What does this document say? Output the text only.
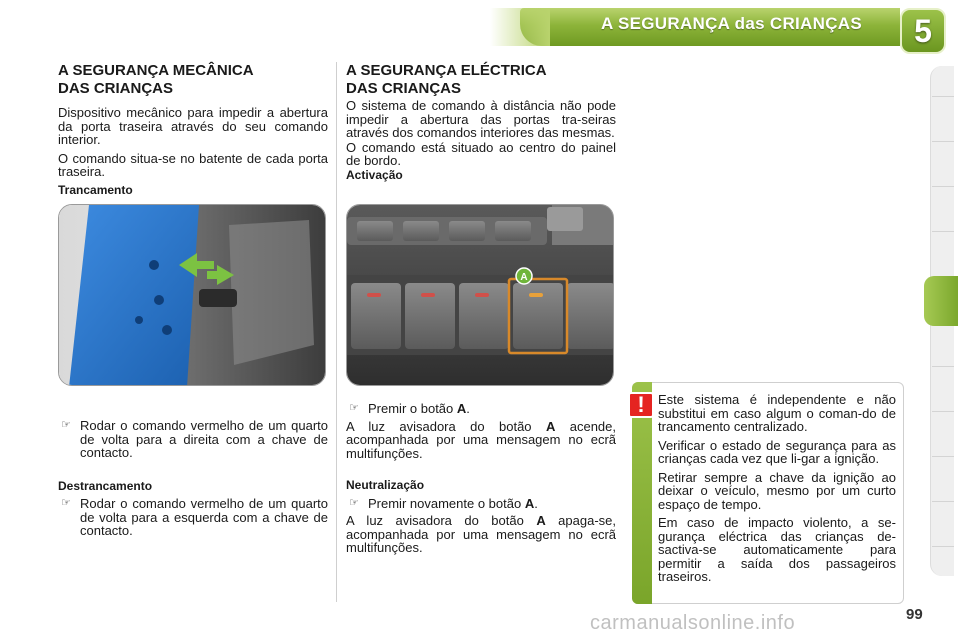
A SEGURANÇA das CRIANÇAS	5
A SEGURANÇA MECÂNICA
DAS CRIANÇAS

Dispositivo mecânico para impedir a abertura da porta traseira através do seu comando interior.

O comando situa-se no batente de cada porta traseira.

Trancamento
☞ Rodar o comando vermelho de um quarto de volta para a direita com a chave de contacto.
Destrancamento
☞ Rodar o comando vermelho de um quarto de volta para a esquerda com a chave de contacto.
A SEGURANÇA ELÉCTRICA
DAS CRIANÇAS

O sistema de comando à distância não pode impedir a abertura das portas tra-seiras através dos comandos interiores das mesmas.

O comando está situado ao centro do painel de bordo.

Activação
☞ Premir o botão A.

A luz avisadora do botão A acende, acompanhada por uma mensagem no ecrã multifunções.

Neutralização
☞ Premir novamente o botão A.

A luz avisadora do botão A apaga-se, acompanhada por uma mensagem no ecrã multifunções.

A
!	Este sistema é independente e não substitui em caso algum o coman-do de trancamento centralizado.

Verificar o estado de segurança para as crianças cada vez que li-gar a ignição.

Retirar sempre a chave da ignição ao deixar o veículo, mesmo por um curto espaço de tempo.

Em caso de impacto violento, a se-gurança eléctrica das crianças de-sactiva-se automaticamente para permitir a saída dos passageiros traseiros.

carmanualsonline.info	99
